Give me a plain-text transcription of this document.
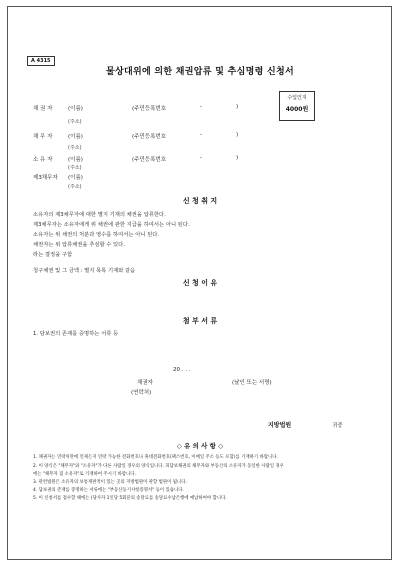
A 4315
물상대위에 의한 채권압류 및 추심명령 신청서
수입인지
4000원
채 권 자	(이름)	(주민등록번호	-	)
(주소)
채 무 자	(이름)	(주민등록번호	-	)
(주소)
소 유 자	(이름)	(주민등록번호	-	)
(주소)
제3채무자 (이름)
(주소)
신 청 취 지
소유자의 제3채무자에 대한 별지 기재의 채권을 압류한다.
제3채무자는 소유자에게 위 채권에 관한 지급을 하여서는 아니 된다.
소유자는 위 채권의 처분과 영수를 하여서는 아니 된다.
채권자는 위 압류채권을 추심할 수 있다.
라는 결정을 구함
청구채권 및 그 금액 : 별지 목록 기재와 같음
신 청 이 유
첨 부 서 류
1. 담보권의 존재를 증명하는 서류 등
20 . . .
채권자	(날인 또는 서명)
(연락처)
지방법원	귀중
◇ 유 의 사 항 ◇
1. 채권자는 연락처란에 언제든지 연락 가능한 전화번호나 휴대전화번호(팩스번호, 이메일 주소 등도 포함)를 기재하기 바랍니다.
2. 이 양식은 "채무자"와 "소유자"가 다른 사람일 경우의 양식입니다. 피담보채권의 채무자와 부동산의 소유자가 동일한 사람일 경우
에는 "채무자 겸 소유자"로 기재하여 주시기 바랍니다.
3. 관련법원은 소유자의 보통재판적이 있는 곳의 지방법원이 관할 법원이 됩니다.
4. 담보권의 존재를 증명하는 서류에는 "부동산등기사항증명서" 등이 있습니다.
5. 이 신청서를 접수할 때에는 (당사자 1인당 5회분의 송달료를 송달료수납은행에 예납하여야 합니다.
